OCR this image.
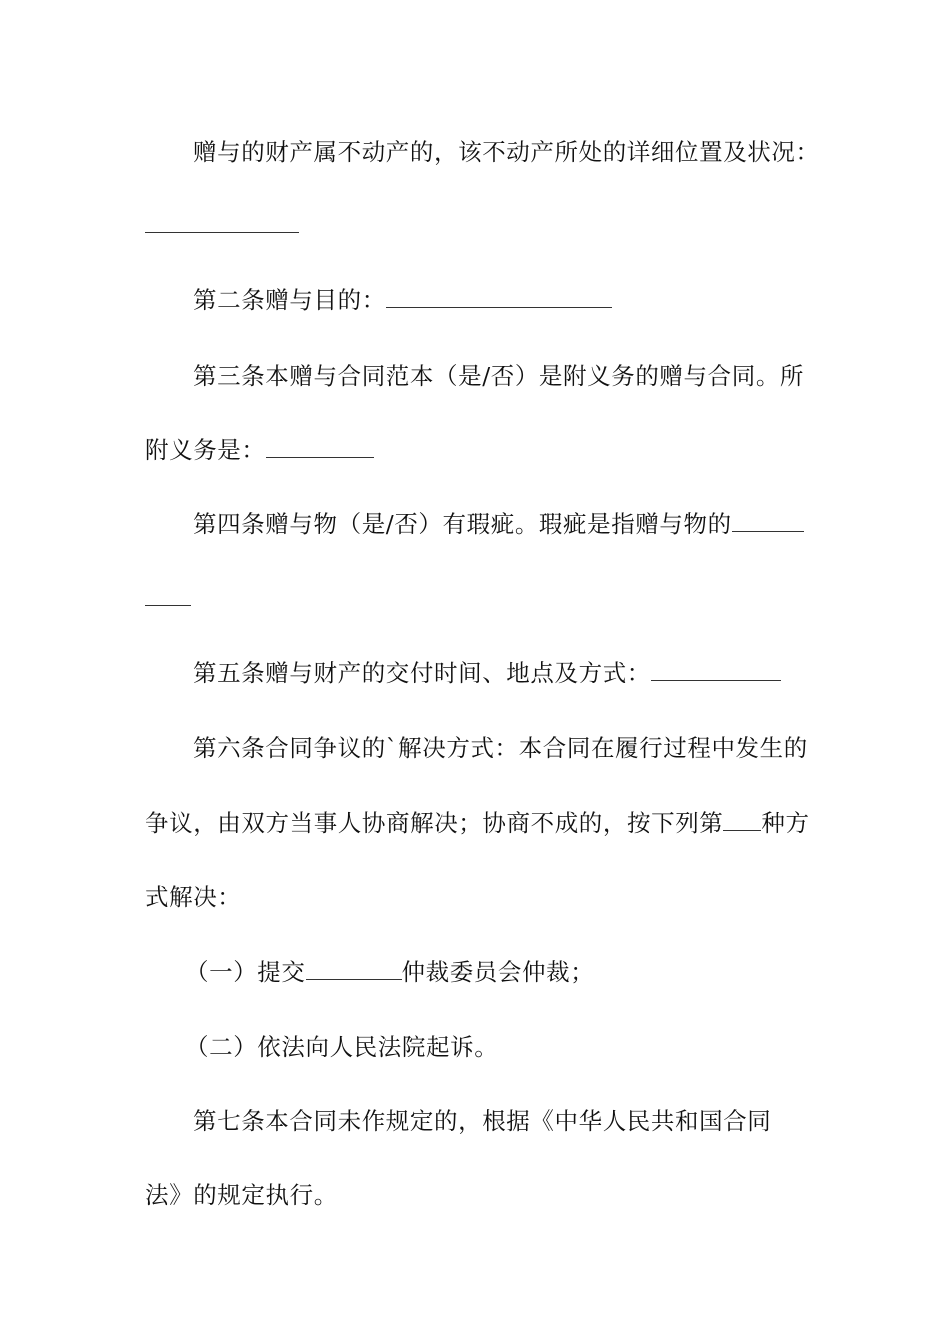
赠与的财产属不动产的，该不动产所处的详细位置及状况：
第二条赠与目的：
第三条本赠与合同范本（是/否）是附义务的赠与合同。所
附义务是：
第四条赠与物（是/否）有瑕疵。瑕疵是指赠与物的
第五条赠与财产的交付时间、地点及方式：
第六条合同争议的`解决方式：本合同在履行过程中发生的
争议，由双方当事人协商解决；协商不成的，按下列第 种方
式解决：
（一）提交	仲裁委员会仲裁；
（二）依法向人民法院起诉。
第七条本合同未作规定的，根据《中华人民共和国合同
法》的规定执行。
